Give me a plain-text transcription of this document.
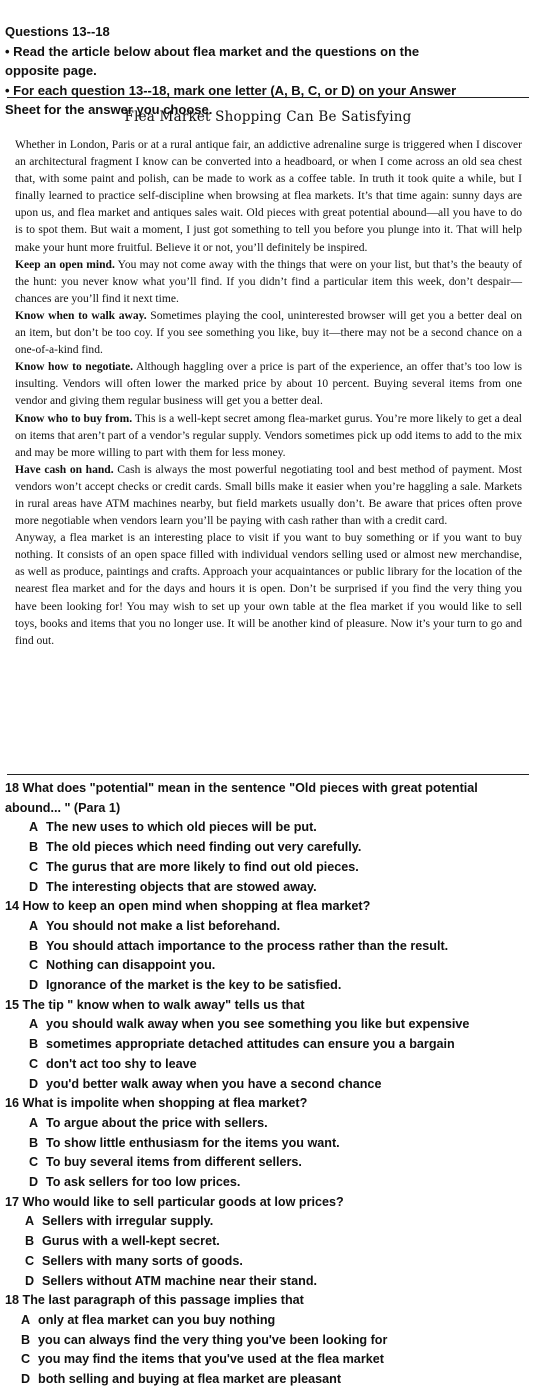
Questions 13--18
• Read the article below about flea market and the questions on the
opposite page.
• For each question 13--18, mark one letter (A, B, C, or D) on your Answer
Sheet for the answer you choose.
Flea Market Shopping Can Be Satisfying

Whether in London, Paris or at a rural antique fair, an addictive adrenaline surge is triggered when I discover an architectural fragment I know can be converted into a headboard, or when I come across an old sea chest that, with some paint and polish, can be made to work as a coffee table. In truth it took quite a while, but I finally learned to practice self-discipline when browsing at flea markets. It’s that time again: sunny days are upon us, and flea market and antiques sales wait. Old pieces with great potential abound—all you have to do is to spot them. But wait a moment, I just got something to tell you before you plunge into it. That will help make your hunt more fruitful. Believe it or not, you’ll definitely be inspired.

Keep an open mind. You may not come away with the things that were on your list, but that’s the beauty of the hunt: you never know what you’ll find. If you didn’t find a particular item this week, don’t despair—chances are you’ll find it next time.

Know when to walk away. Sometimes playing the cool, uninterested browser will get you a better deal on an item, but don’t be too coy. If you see something you like, buy it—there may not be a second chance on a one-of-a-kind find.

Know how to negotiate. Although haggling over a price is part of the experience, an offer that’s too low is insulting. Vendors will often lower the marked price by about 10 percent. Buying several items from one vendor and giving them regular business will get you a better deal.

Know who to buy from. This is a well-kept secret among flea-market gurus. You’re more likely to get a deal on items that aren’t part of a vendor’s regular supply. Vendors sometimes pick up odd items to add to the mix and may be more willing to part with them for less money.

Have cash on hand. Cash is always the most powerful negotiating tool and best method of payment. Most vendors won’t accept checks or credit cards. Small bills make it easier when you’re haggling a sale. Markets in rural areas have ATM machines nearby, but field markets usually don’t. Be aware that prices often prove more negotiable when vendors learn you’ll be paying with cash rather than with a credit card.

Anyway, a flea market is an interesting place to visit if you want to buy something or if you want to buy nothing. It consists of an open space filled with individual vendors selling used or almost new merchandise, as well as produce, paintings and crafts. Approach your acquaintances or public library for the location of the nearest flea market and for the days and hours it is open. Don’t be surprised if you find the very thing you have been looking for! You may wish to set up your own table at the flea market if you would like to sell toys, books and items that you no longer use. It will be another kind of pleasure. Now it’s your turn to go and find out.

18 What does "potential" mean in the sentence "Old pieces with great potential abound... " (Para 1)
A The new uses to which old pieces will be put.
B The old pieces which need finding out very carefully.
C The gurus that are more likely to find out old pieces.
D The interesting objects that are stowed away.
14 How to keep an open mind when shopping at flea market?
A You should not make a list beforehand.
B You should attach importance to the process rather than the result.
C Nothing can disappoint you.
D Ignorance of the market is the key to be satisfied.
15 The tip " know when to walk away" tells us that
A you should walk away when you see something you like but expensive
B sometimes appropriate detached attitudes can ensure you a bargain
C don't act too shy to leave
D you'd better walk away when you have a second chance
16 What is impolite when shopping at flea market?
A To argue about the price with sellers.
B To show little enthusiasm for the items you want.
C To buy several items from different sellers.
D To ask sellers for too low prices.
17 Who would like to sell particular goods at low prices?
A Sellers with irregular supply.
B Gurus with a well-kept secret.
C Sellers with many sorts of goods.
D Sellers without ATM machine near their stand.
18 The last paragraph of this passage implies that
A only at flea market can you buy nothing
B you can always find the very thing you've been looking for
C you may find the items that you've used at the flea market
D both selling and buying at flea market are pleasant
